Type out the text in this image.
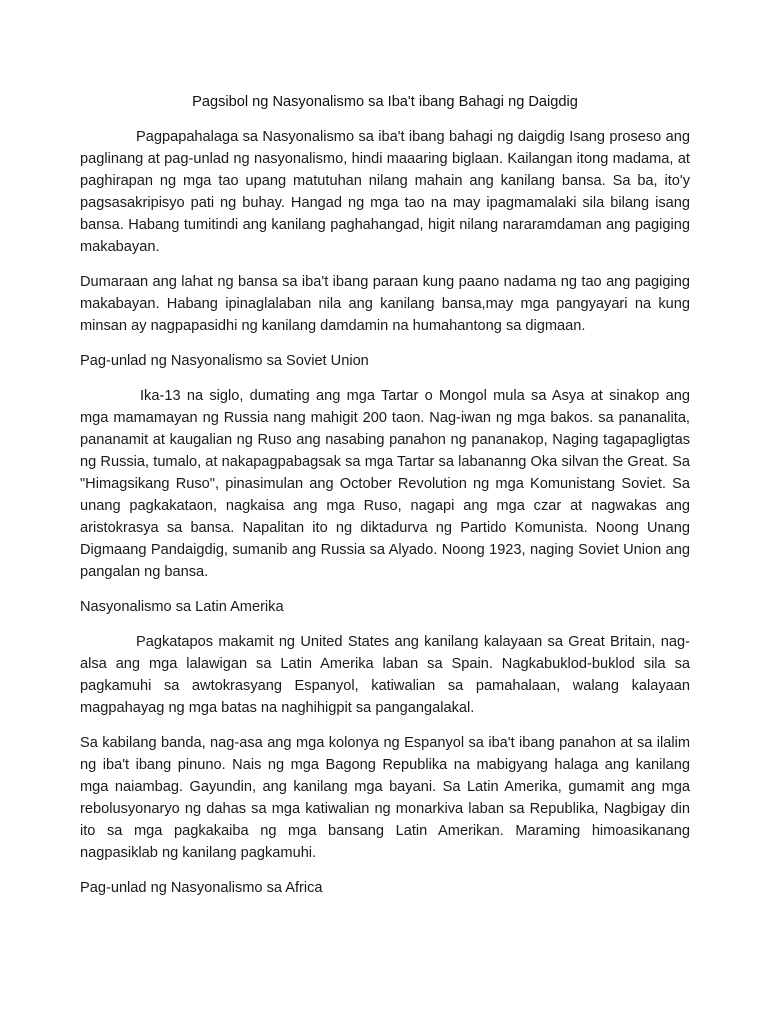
Pagsibol ng Nasyonalismo sa Iba't ibang Bahagi ng Daigdig

Pagpapahalaga sa Nasyonalismo sa iba't ibang bahagi ng daigdig Isang proseso ang paglinang at pag-unlad ng nasyonalismo, hindi maaaring biglaan. Kailangan itong madama, at paghirapan ng mga tao upang matutuhan nilang mahain ang kanilang bansa. Sa ba, ito'y pagsasakripisyo pati ng buhay. Hangad ng mga tao na may ipagmamalaki sila bilang isang bansa. Habang tumitindi ang kanilang paghahangad, higit nilang nararamdaman ang pagiging makabayan.

Dumaraan ang lahat ng bansa sa iba't ibang paraan kung paano nadama ng tao ang pagiging makabayan. Habang ipinaglalaban nila ang kanilang bansa,may mga pangyayari na kung minsan ay nagpapasidhi ng kanilang damdamin na humahantong sa digmaan.

Pag-unlad ng Nasyonalismo sa Soviet Union

Ika-13 na siglo, dumating ang mga Tartar o Mongol mula sa Asya at sinakop ang mga mamamayan ng Russia nang mahigit 200 taon. Nag-iwan ng mga bakos. sa pananalita, pananamit at kaugalian ng Ruso ang nasabing panahon ng pananakop, Naging tagapagligtas ng Russia, tumalo, at nakapagpabagsak sa mga Tartar sa labananng Oka silvan the Great. Sa "Himagsikang Ruso", pinasimulan ang October Revolution ng mga Komunistang Soviet. Sa unang pagkakataon, nagkaisa ang mga Ruso, nagapi ang mga czar at nagwakas ang aristokrasya sa bansa. Napalitan ito ng diktadurva ng Partido Komunista. Noong Unang Digmaang Pandaigdig, sumanib ang Russia sa Alyado. Noong 1923, naging Soviet Union ang pangalan ng bansa.

Nasyonalismo sa Latin Amerika

Pagkatapos makamit ng United States ang kanilang kalayaan sa Great Britain, nag-alsa ang mga lalawigan sa Latin Amerika laban sa Spain. Nagkabuklod-buklod sila sa pagkamuhi sa awtokrasyang Espanyol, katiwalian sa pamahalaan, walang kalayaan magpahayag ng mga batas na naghihigpit sa pangangalakal.

Sa kabilang banda, nag-asa ang mga kolonya ng Espanyol sa iba't ibang panahon at sa ilalim ng iba't ibang pinuno. Nais ng mga Bagong Republika na mabigyang halaga ang kanilang mga naiambag. Gayundin, ang kanilang mga bayani. Sa Latin Amerika, gumamit ang mga rebolusyonaryo ng dahas sa mga katiwalian ng monarkiva laban sa Republika, Nagbigay din ito sa mga pagkakaiba ng mga bansang Latin Amerikan. Maraming himoasikanang nagpasiklab ng kanilang pagkamuhi.

Pag-unlad ng Nasyonalismo sa Africa
